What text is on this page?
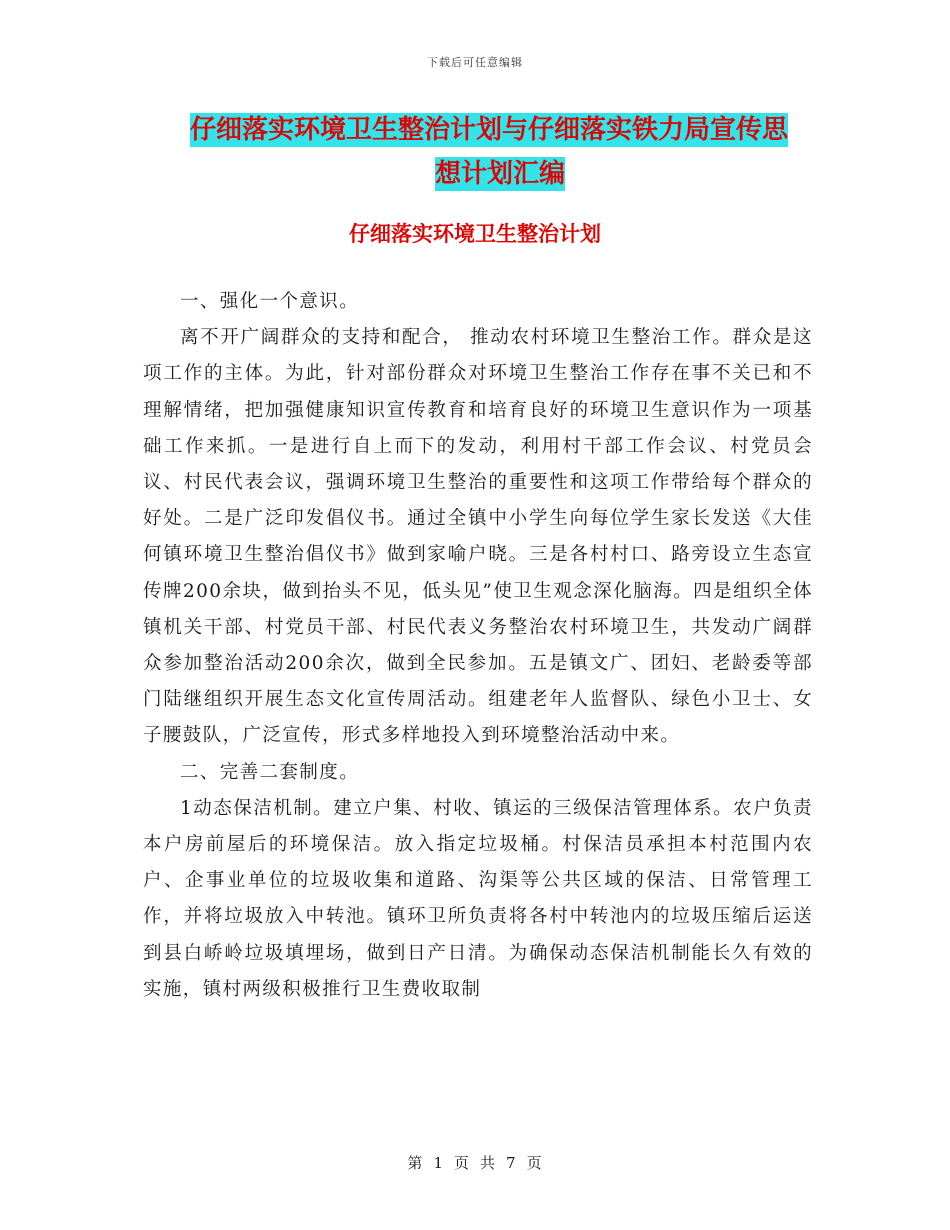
下载后可任意编辑
仔细落实环境卫生整治计划与仔细落实铁力局宣传思
想计划汇编
仔细落实环境卫生整治计划

一、强化一个意识。

离不开广阔群众的支持和配合， 推动农村环境卫生整治工作。群众是这项工作的主体。为此，针对部份群众对环境卫生整治工作存在事不关已和不理解情绪，把加强健康知识宣传教育和培育良好的环境卫生意识作为一项基础工作来抓。一是进行自上而下的发动，利用村干部工作会议、村党员会议、村民代表会议，强调环境卫生整治的重要性和这项工作带给每个群众的好处。二是广泛印发倡仪书。通过全镇中小学生向每位学生家长发送《大佳何镇环境卫生整治倡仪书》做到家喻户晓。三是各村村口、路旁设立生态宣传牌200余块，做到抬头不见，低头见”使卫生观念深化脑海。四是组织全体镇机关干部、村党员干部、村民代表义务整治农村环境卫生，共发动广阔群众参加整治活动200余次，做到全民参加。五是镇文广、团妇、老龄委等部门陆继组织开展生态文化宣传周活动。组建老年人监督队、绿色小卫士、女子腰鼓队，广泛宣传，形式多样地投入到环境整治活动中来。

二、完善二套制度。

1动态保洁机制。建立户集、村收、镇运的三级保洁管理体系。农户负责本户房前屋后的环境保洁。放入指定垃圾桶。村保洁员承担本村范围内农户、企事业单位的垃圾收集和道路、沟渠等公共区域的保洁、日常管理工作，并将垃圾放入中转池。镇环卫所负责将各村中转池内的垃圾压缩后运送到县白峤岭垃圾填埋场，做到日产日清。为确保动态保洁机制能长久有效的实施，镇村两级积极推行卫生费收取制

第 1 页 共 7 页
